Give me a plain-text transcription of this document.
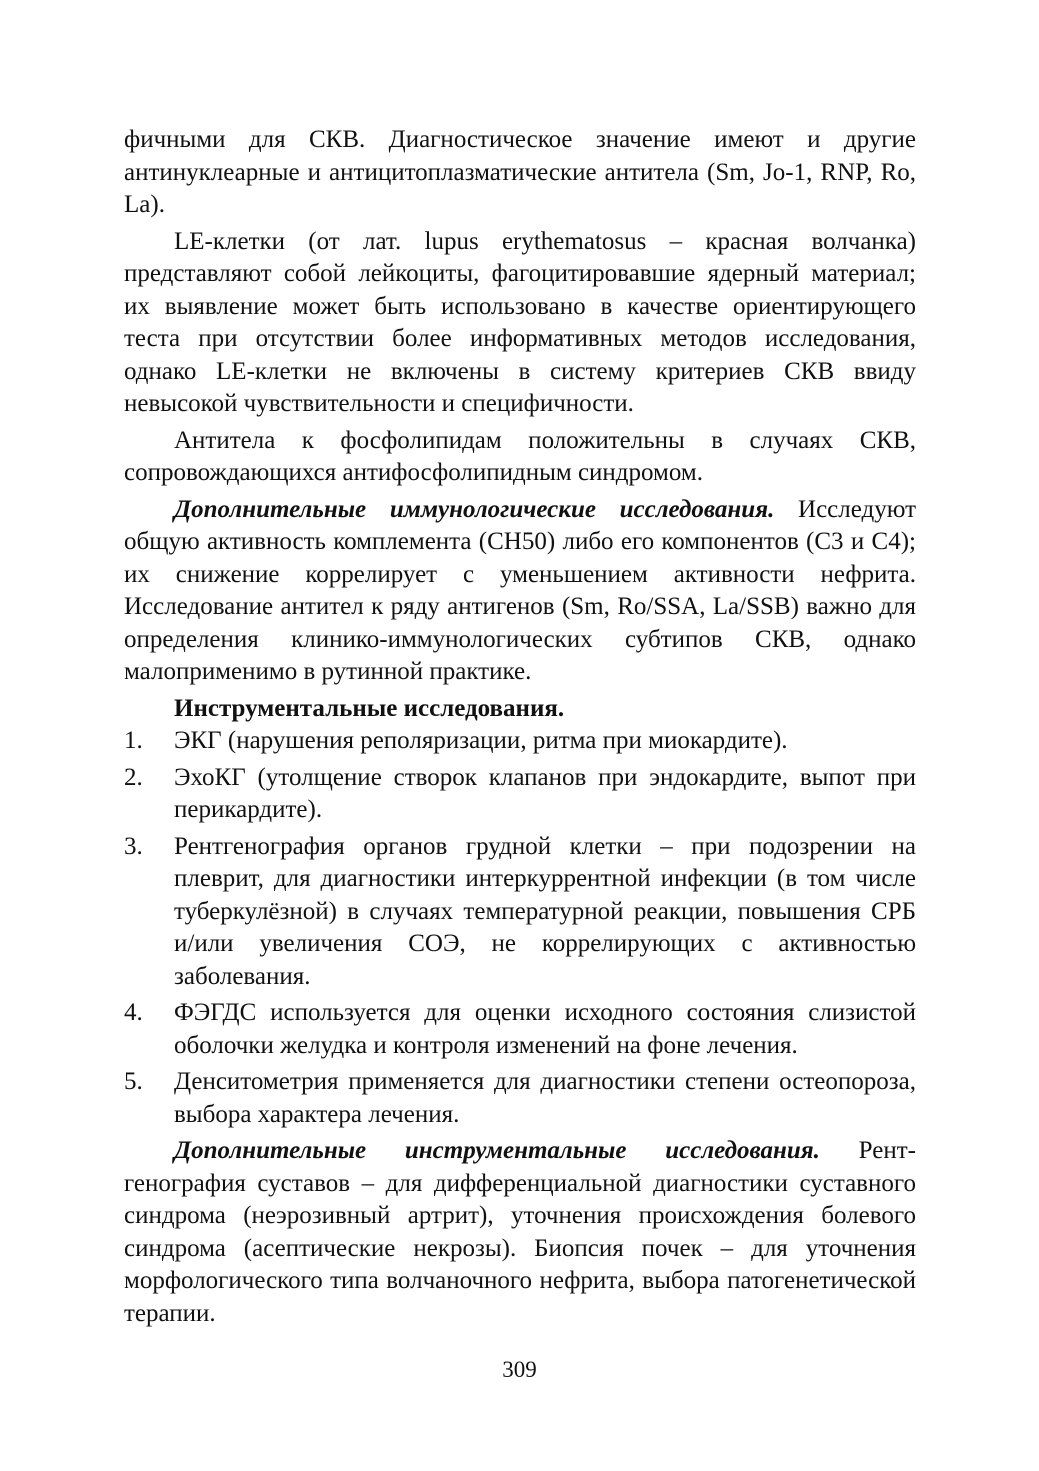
фичными для СКВ. Диагностическое значение имеют и другие антинуклеарные и антицитоплазматические антитела (Sm, Jo-1, RNP, Ro, La).

LE-клетки (от лат. lupus erythematosus – красная волчанка) представляют собой лейкоциты, фагоцитировавшие ядерный материал; их выявление может быть использовано в качестве ориентирующего теста при отсутствии более информативных методов исследования, однако LE-клетки не включены в систему критериев СКВ ввиду невысокой чувствительности и специфичности.

Антитела к фосфолипидам положительны в случаях СКВ, сопровождающихся антифосфолипидным синдромом.

Дополнительные иммунологические исследования. Исследуют общую активность комплемента (CH50) либо его компонентов (C3 и C4); их снижение коррелирует с уменьшением активности нефрита. Исследование антител к ряду антигенов (Sm, Ro/SSA, La/SSB) важно для определения клинико-иммунологических субтипов СКВ, однако малоприменимо в рутинной практике.

Инструментальные исследования.

1. ЭКГ (нарушения реполяризации, ритма при миокардите).
2. ЭхоКГ (утолщение створок клапанов при эндокардите, выпот при перикардите).
3. Рентгенография органов грудной клетки – при подозрении на плеврит, для диагностики интеркуррентной инфекции (в том числе туберкулёзной) в случаях температурной реакции, повышения СРБ и/или увеличения СОЭ, не коррелирующих с активностью заболевания.
4. ФЭГДС используется для оценки исходного состояния слизистой оболочки желудка и контроля изменений на фоне лечения.
5. Денситометрия применяется для диагностики степени остеопороза, выбора характера лечения.

Дополнительные инструментальные исследования. Рентгенография суставов – для дифференциальной диагностики суставного синдрома (неэрозивный артрит), уточнения происхождения болевого синдрома (асептические некрозы). Биопсия почек – для уточнения морфологического типа волчаночного нефрита, выбора патогенетической терапии.

309
